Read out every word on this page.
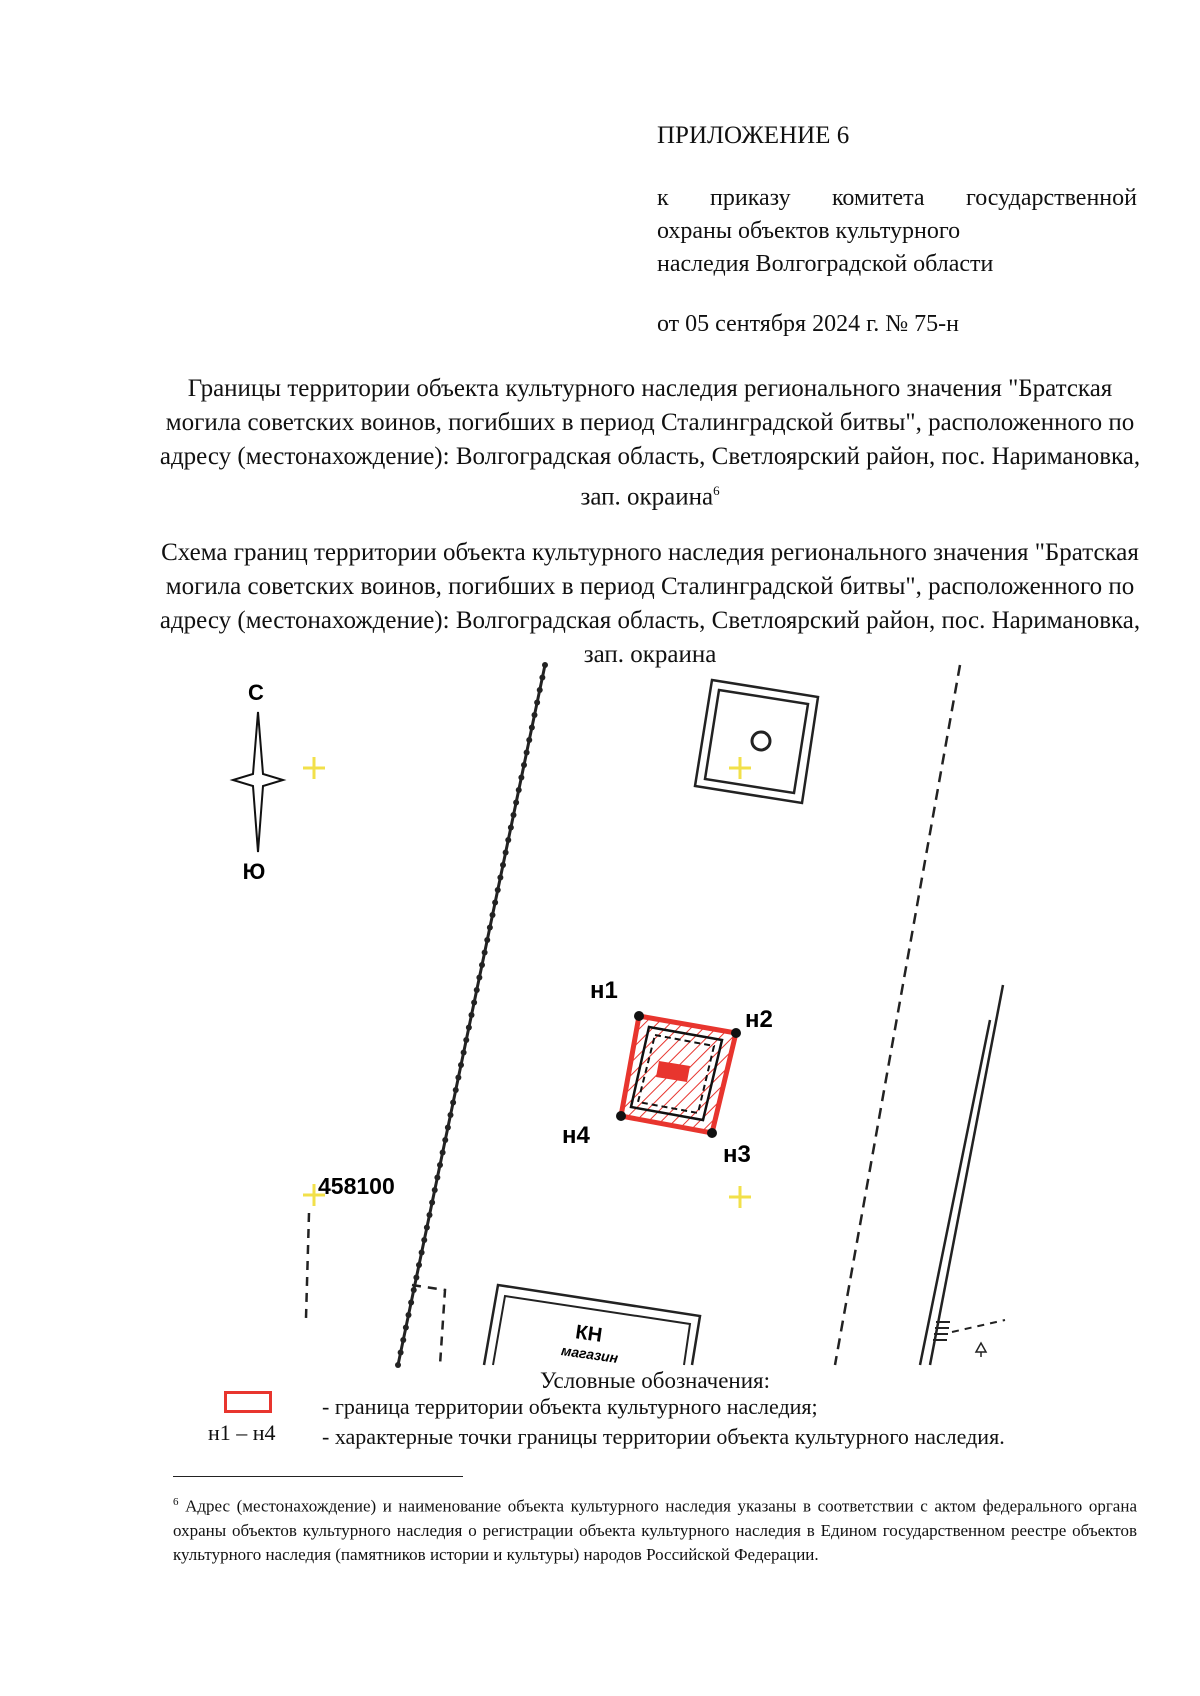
ПРИЛОЖЕНИЕ 6
к приказу комитета государственной
охраны объектов культурного
наследия Волгоградской области
от 05 сентября 2024 г. № 75-н
Границы территории объекта культурного наследия регионального значения "Братская могила советских воинов, погибших в период Сталинградской битвы", расположенного по адресу (местонахождение): Волгоградская область, Светлоярский район, пос. Наримановка, зап. окраина$^6$
Схема границ территории объекта культурного наследия регионального значения "Братская могила советских воинов, погибших в период Сталинградской битвы", расположенного по адресу (местонахождение): Волгоградская область, Светлоярский район, пос. Наримановка, зап. окраина
С
Ю
КН
магазин
458100
н1
н2
н3
н4
Условные обозначения:
- граница территории объекта культурного наследия;
н1 – н4 - характерные точки границы территории объекта культурного наследия.
$^6$ Адрес (местонахождение) и наименование объекта культурного наследия указаны в соответствии с актом федерального органа охраны объектов культурного наследия о регистрации объекта культурного наследия в Едином государственном реестре объектов культурного наследия (памятников истории и культуры) народов Российской Федерации.
